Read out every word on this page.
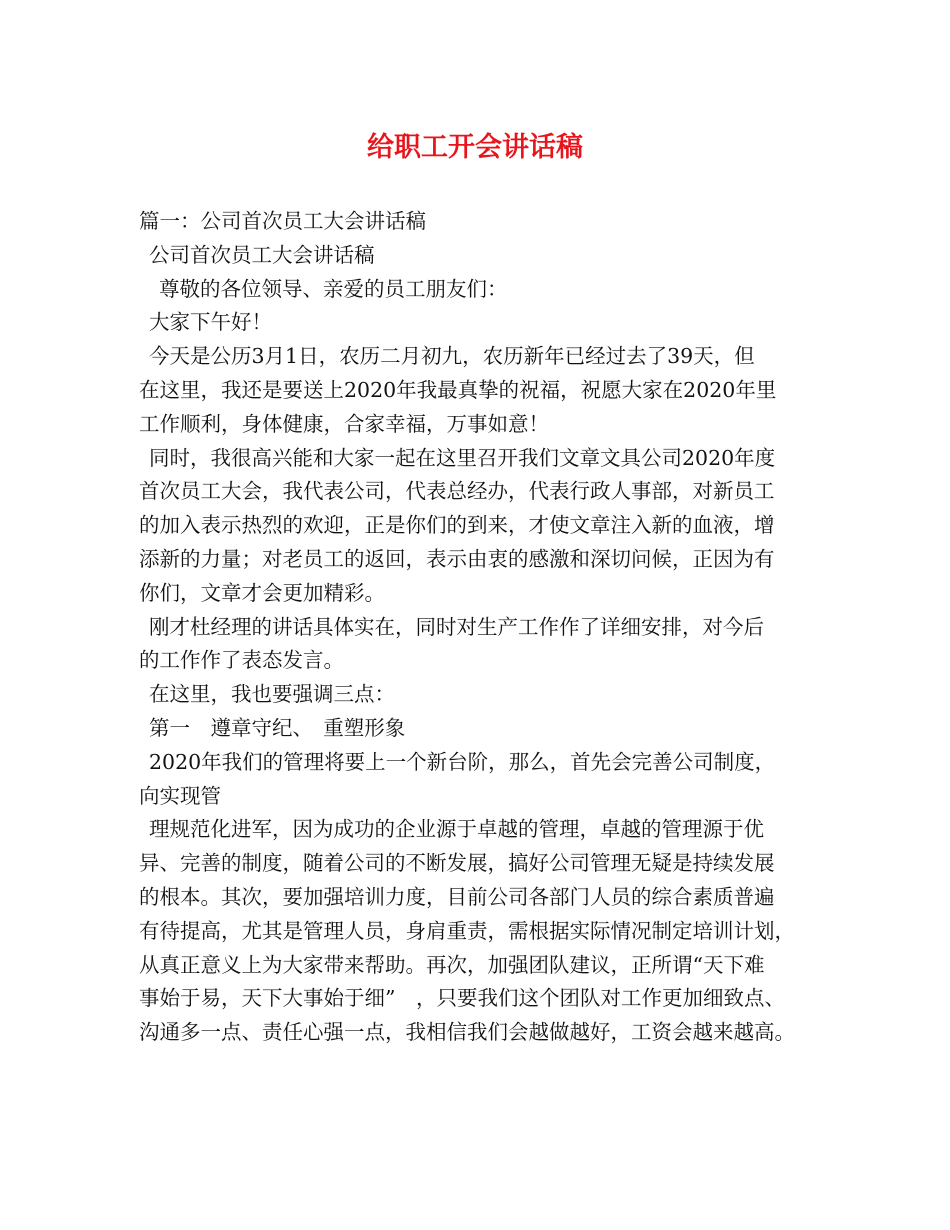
给职工开会讲话稿
篇一：公司首次员工大会讲话稿
公司首次员工大会讲话稿
尊敬的各位领导、亲爱的员工朋友们：
大家下午好！
今天是公历3月1日，农历二月初九，农历新年已经过去了39天，但
在这里，我还是要送上2020年我最真挚的祝福，祝愿大家在2020年里
工作顺利，身体健康，合家幸福，万事如意！
同时，我很高兴能和大家一起在这里召开我们文章文具公司2020年度
首次员工大会，我代表公司，代表总经办，代表行政人事部，对新员工
的加入表示热烈的欢迎，正是你们的到来，才使文章注入新的血液，增
添新的力量；对老员工的返回，表示由衷的感激和深切问候，正因为有
你们，文章才会更加精彩。
刚才杜经理的讲话具体实在，同时对生产工作作了详细安排，对今后
的工作作了表态发言。
在这里，我也要强调三点：
第一　遵章守纪、　重塑形象
2020年我们的管理将要上一个新台阶，那么，首先会完善公司制度，
向实现管
理规范化进军，因为成功的企业源于卓越的管理，卓越的管理源于优
异、完善的制度，随着公司的不断发展，搞好公司管理无疑是持续发展
的根本。其次，要加强培训力度，目前公司各部门人员的综合素质普遍
有待提高，尤其是管理人员，身肩重责，需根据实际情况制定培训计划，
从真正意义上为大家带来帮助。再次，加强团队建议，正所谓“天下难
事始于易，天下大事始于细”　，只要我们这个团队对工作更加细致点、
沟通多一点、责任心强一点，我相信我们会越做越好，工资会越来越高。
